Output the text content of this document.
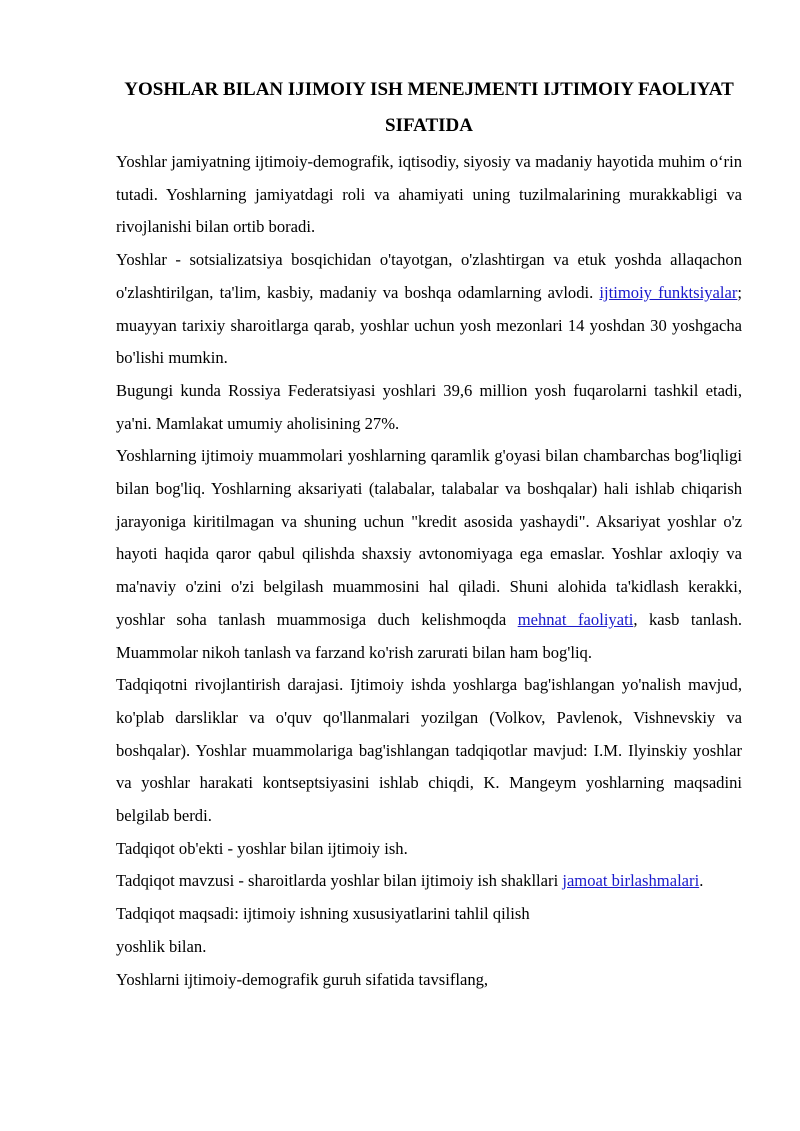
YOSHLAR BILAN IJIMOIY ISH MENEJMENTI IJTIMOIY FAOLIYAT SIFATIDA

Yoshlar jamiyatning ijtimoiy-demografik, iqtisodiy, siyosiy va madaniy hayotida muhim o‘rin tutadi. Yoshlarning jamiyatdagi roli va ahamiyati uning tuzilmalarining murakkabligi va rivojlanishi bilan ortib boradi.

Yoshlar - sotsializatsiya bosqichidan o'tayotgan, o'zlashtirgan va etuk yoshda allaqachon o'zlashtirilgan, ta'lim, kasbiy, madaniy va boshqa odamlarning avlodi. ijtimoiy funktsiyalar; muayyan tarixiy sharoitlarga qarab, yoshlar uchun yosh mezonlari 14 yoshdan 30 yoshgacha bo'lishi mumkin.

Bugungi kunda Rossiya Federatsiyasi yoshlari 39,6 million yosh fuqarolarni tashkil etadi, ya'ni. Mamlakat umumiy aholisining 27%.

Yoshlarning ijtimoiy muammolari yoshlarning qaramlik g'oyasi bilan chambarchas bog'liqligi bilan bog'liq. Yoshlarning aksariyati (talabalar, talabalar va boshqalar) hali ishlab chiqarish jarayoniga kiritilmagan va shuning uchun "kredit asosida yashaydi". Aksariyat yoshlar o'z hayoti haqida qaror qabul qilishda shaxsiy avtonomiyaga ega emaslar. Yoshlar axloqiy va ma'naviy o'zini o'zi belgilash muammosini hal qiladi. Shuni alohida ta'kidlash kerakki, yoshlar soha tanlash muammosiga duch kelishmoqda mehnat faoliyati, kasb tanlash. Muammolar nikoh tanlash va farzand ko'rish zarurati bilan ham bog'liq.

Tadqiqotni rivojlantirish darajasi. Ijtimoiy ishda yoshlarga bag'ishlangan yo'nalish mavjud, ko'plab darsliklar va o'quv qo'llanmalari yozilgan (Volkov, Pavlenok, Vishnevskiy va boshqalar). Yoshlar muammolariga bag'ishlangan tadqiqotlar mavjud: I.M. Ilyinskiy yoshlar va yoshlar harakati kontseptsiyasini ishlab chiqdi, K. Mangeym yoshlarning maqsadini belgilab berdi.

Tadqiqot ob'ekti - yoshlar bilan ijtimoiy ish.

Tadqiqot mavzusi - sharoitlarda yoshlar bilan ijtimoiy ish shakllari jamoat birlashmalari.

Tadqiqot maqsadi: ijtimoiy ishning xususiyatlarini tahlil qilish

yoshlik bilan.

Yoshlarni ijtimoiy-demografik guruh sifatida tavsiflang,
